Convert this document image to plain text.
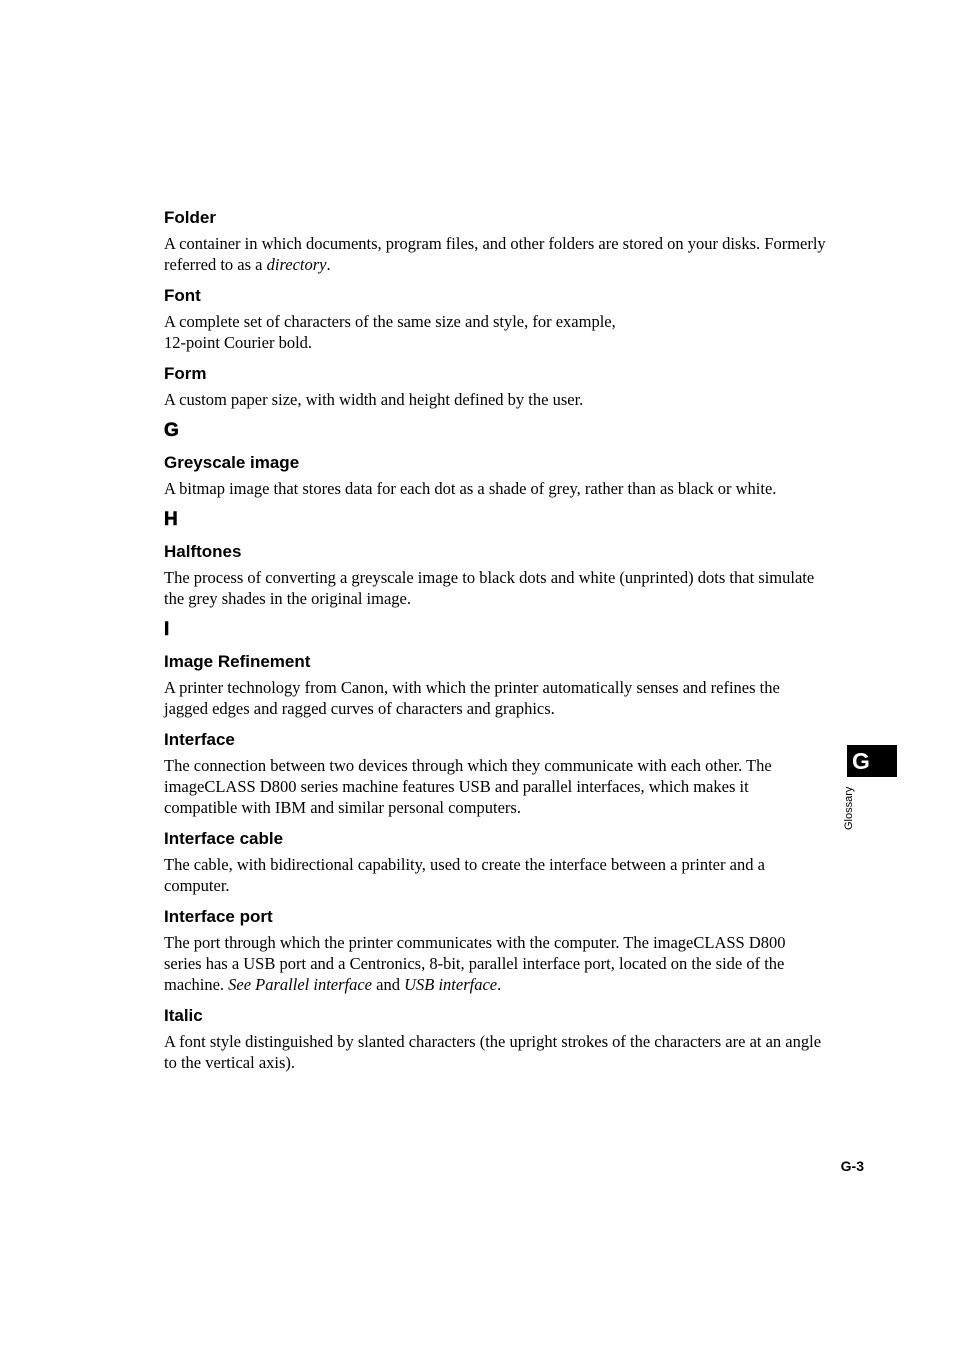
Folder
A container in which documents, program files, and other folders are stored on your disks. Formerly referred to as a directory.
Font
A complete set of characters of the same size and style, for example,
12-point Courier bold.
Form
A custom paper size, with width and height defined by the user.
G
Greyscale image
A bitmap image that stores data for each dot as a shade of grey, rather than as black or white.
H
Halftones
The process of converting a greyscale image to black dots and white (unprinted) dots that simulate the grey shades in the original image.
I
Image Refinement
A printer technology from Canon, with which the printer automatically senses and refines the jagged edges and ragged curves of characters and graphics.
Interface
The connection between two devices through which they communicate with each other. The imageCLASS D800 series machine features USB and parallel interfaces, which makes it compatible with IBM and similar personal computers.
Interface cable
The cable, with bidirectional capability, used to create the interface between a printer and a computer.
Interface port
The port through which the printer communicates with the computer. The imageCLASS D800 series has a USB port and a Centronics, 8-bit, parallel interface port, located on the side of the machine. See Parallel interface and USB interface.
Italic
A font style distinguished by slanted characters (the upright strokes of the characters are at an angle to the vertical axis).
G
Glossary
G-3
